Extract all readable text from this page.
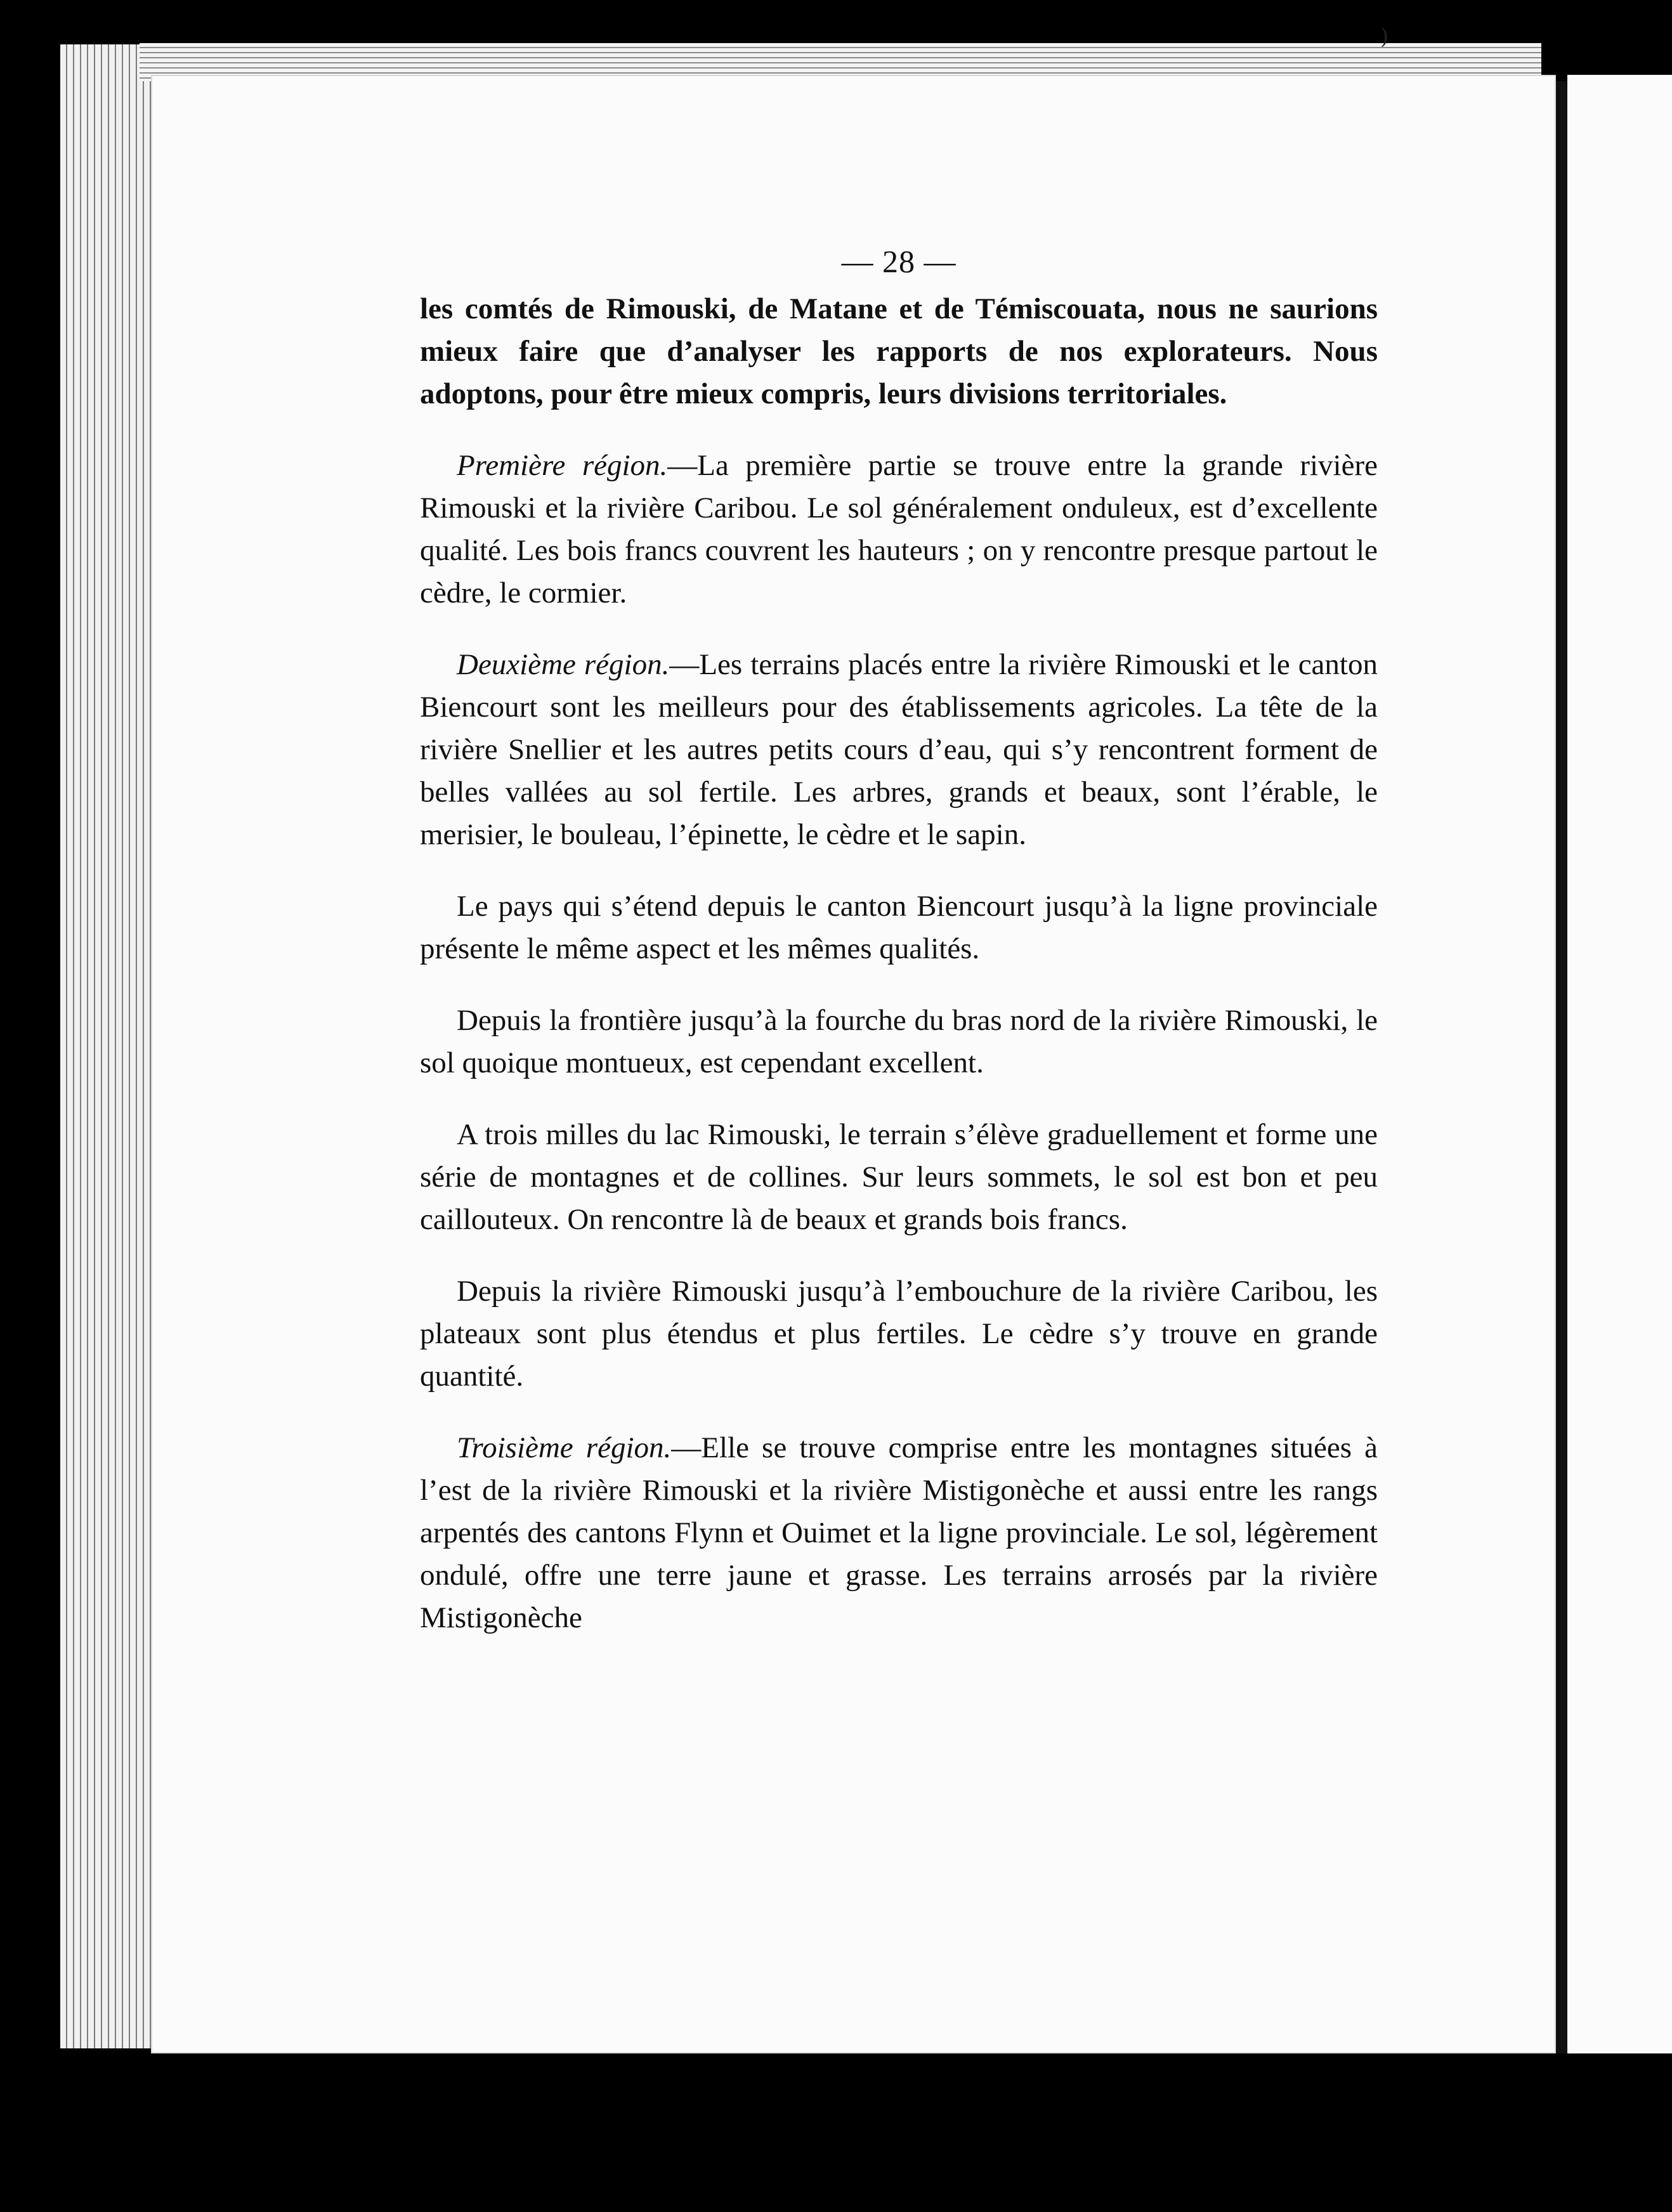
)
— 28 —

les comtés de Rimouski, de Matane et de Témiscouata, nous ne saurions mieux faire que d’analyser les rapports de nos explorateurs. Nous adoptons, pour être mieux compris, leurs divisions territoriales.

Première région.—La première partie se trouve entre la grande rivière Rimouski et la rivière Caribou. Le sol généralement onduleux, est d’excellente qualité. Les bois francs couvrent les hauteurs ; on y rencontre presque partout le cèdre, le cormier.

Deuxième région.—Les terrains placés entre la rivière Rimouski et le canton Biencourt sont les meilleurs pour des établissements agricoles. La tête de la rivière Snellier et les autres petits cours d’eau, qui s’y rencontrent forment de belles vallées au sol fertile. Les arbres, grands et beaux, sont l’érable, le merisier, le bouleau, l’épinette, le cèdre et le sapin.

Le pays qui s’étend depuis le canton Biencourt jusqu’à la ligne provinciale présente le même aspect et les mêmes qualités.

Depuis la frontière jusqu’à la fourche du bras nord de la rivière Rimouski, le sol quoique montueux, est cependant excellent.

A trois milles du lac Rimouski, le terrain s’élève graduellement et forme une série de montagnes et de collines. Sur leurs sommets, le sol est bon et peu caillouteux. On rencontre là de beaux et grands bois francs.

Depuis la rivière Rimouski jusqu’à l’embouchure de la rivière Caribou, les plateaux sont plus étendus et plus fertiles. Le cèdre s’y trouve en grande quantité.

Troisième région.—Elle se trouve comprise entre les montagnes situées à l’est de la rivière Rimouski et la rivière Mistigonèche et aussi entre les rangs arpentés des cantons Flynn et Ouimet et la ligne provinciale. Le sol, légèrement ondulé, offre une terre jaune et grasse. Les terrains arrosés par la rivière Mistigonèche
